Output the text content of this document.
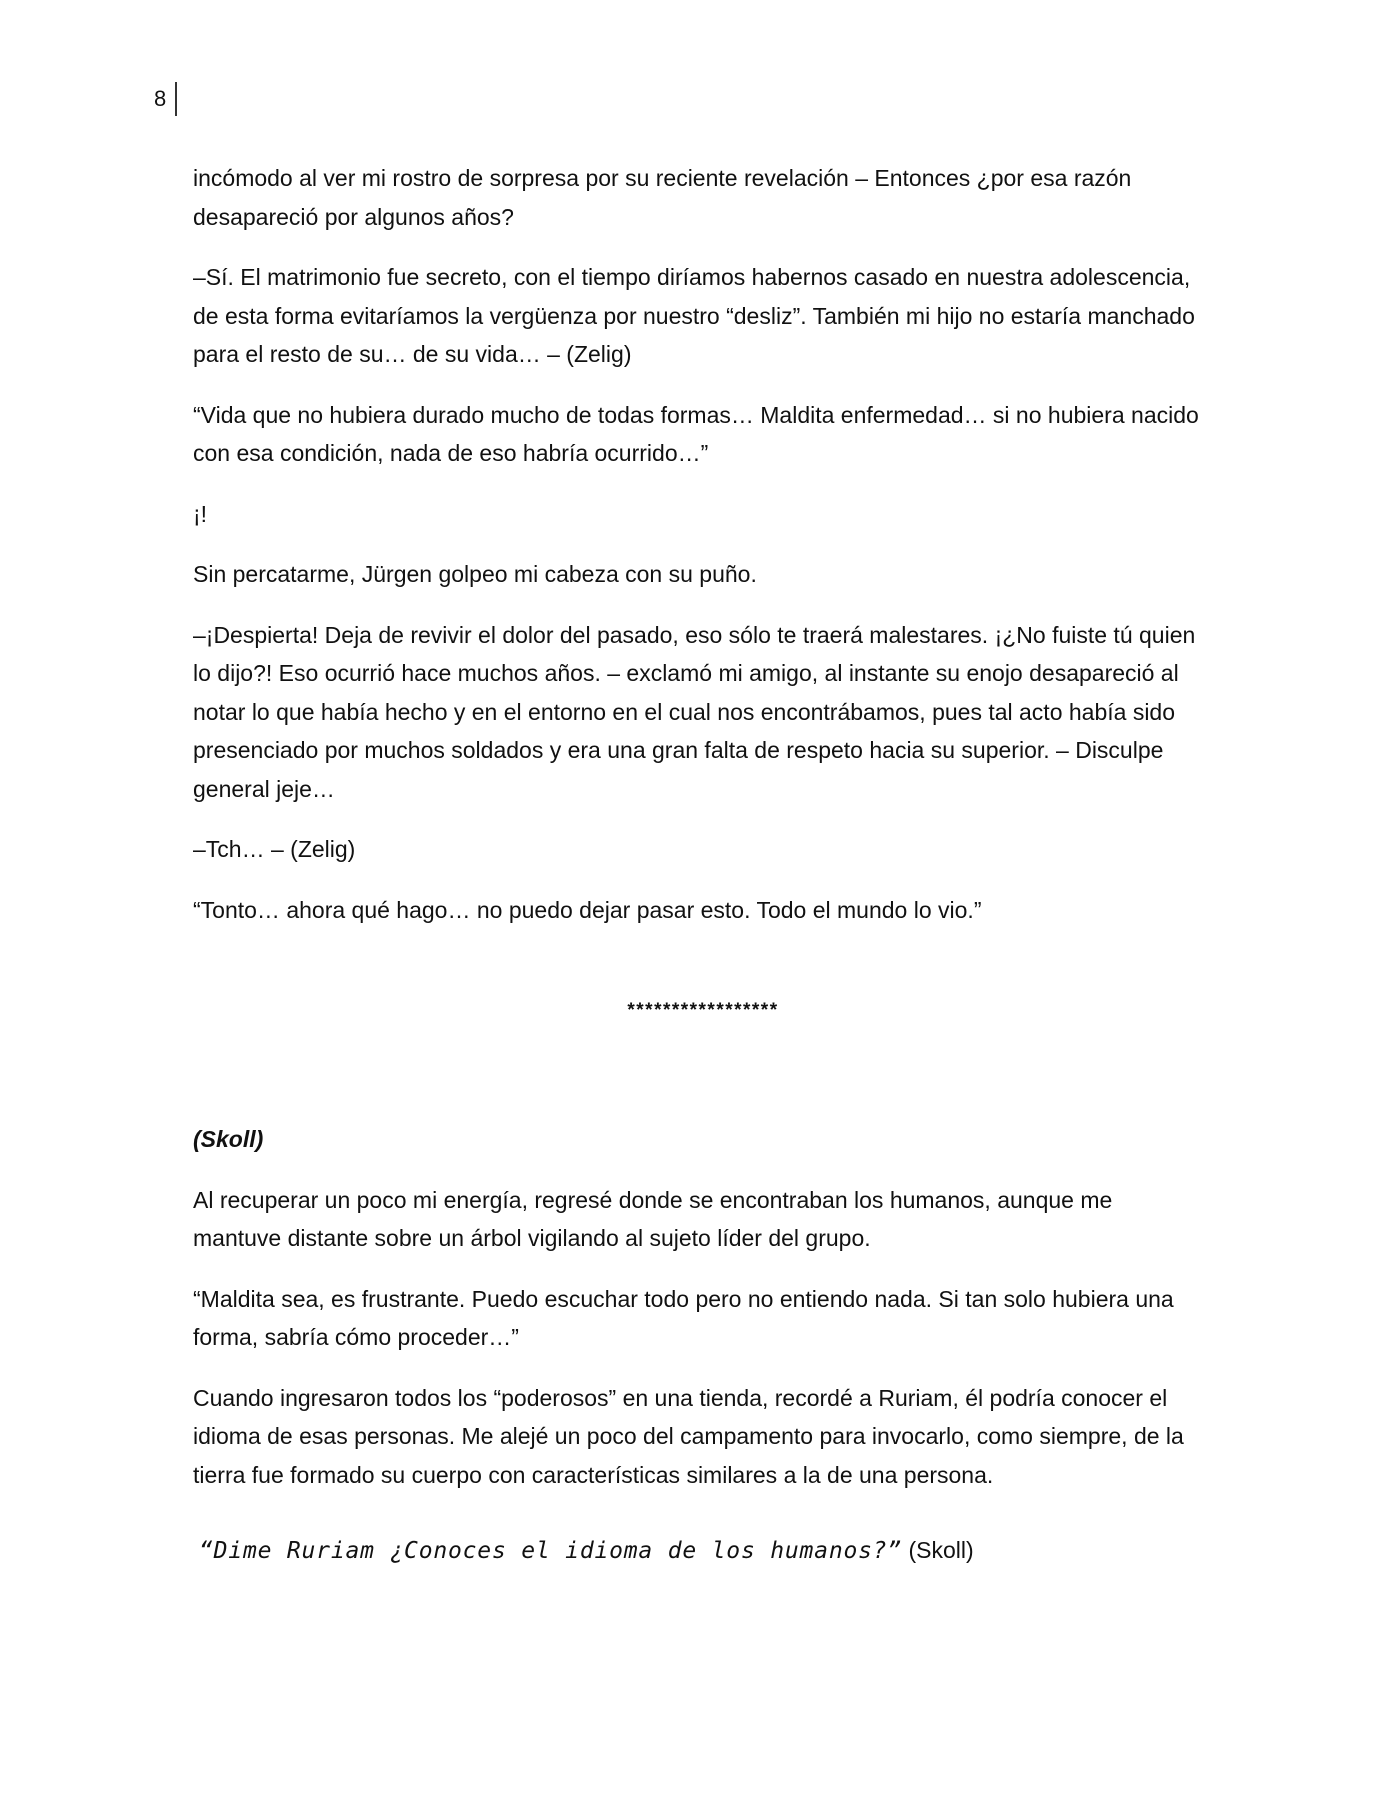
8

incómodo al ver mi rostro de sorpresa por su reciente revelación – Entonces ¿por esa razón desapareció por algunos años?

–Sí. El matrimonio fue secreto, con el tiempo diríamos habernos casado en nuestra adolescencia, de esta forma evitaríamos la vergüenza por nuestro “desliz”. También mi hijo no estaría manchado para el resto de su… de su vida… – (Zelig)

“Vida que no hubiera durado mucho de todas formas… Maldita enfermedad… si no hubiera nacido con esa condición, nada de eso habría ocurrido…”

¡!

Sin percatarme, Jürgen golpeo mi cabeza con su puño.

–¡Despierta! Deja de revivir el dolor del pasado, eso sólo te traerá malestares. ¡¿No fuiste tú quien lo dijo?! Eso ocurrió hace muchos años. – exclamó mi amigo, al instante su enojo desapareció al notar lo que había hecho y en el entorno en el cual nos encontrábamos, pues tal acto había sido presenciado por muchos soldados y era una gran falta de respeto hacia su superior. – Disculpe general jeje…

–Tch… – (Zelig)

“Tonto… ahora qué hago… no puedo dejar pasar esto. Todo el mundo lo vio.”

*****************

(Skoll)

Al recuperar un poco mi energía, regresé donde se encontraban los humanos, aunque me mantuve distante sobre un árbol vigilando al sujeto líder del grupo.

“Maldita sea, es frustrante. Puedo escuchar todo pero no entiendo nada. Si tan solo hubiera una forma, sabría cómo proceder…”

Cuando ingresaron todos los “poderosos” en una tienda, recordé a Ruriam, él podría conocer el idioma de esas personas. Me alejé un poco del campamento para invocarlo, como siempre, de la tierra fue formado su cuerpo con características similares a la de una persona.

“Dime Ruriam ¿Conoces el idioma de los humanos?” (Skoll)
